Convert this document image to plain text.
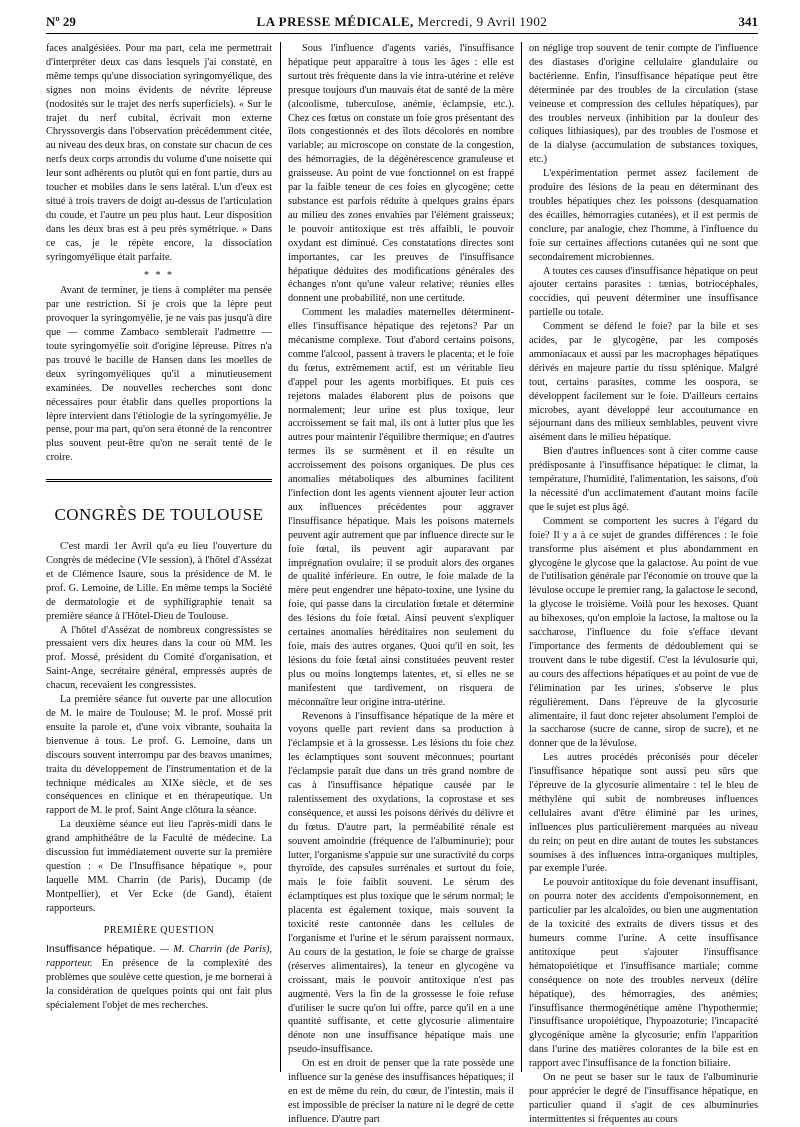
Nº 29	LA PRESSE MÉDICALE, Mercredi, 9 Avril 1902	341

faces analgésiées. Pour ma part, cela me permettrait d'interpréter deux cas dans lesquels j'ai constaté, en même temps qu'une dissociation syringomyélique, des signes non moins évidents de névrite lépreuse (nodosités sur le trajet des nerfs superficiels). « Sur le trajet du nerf cubital, écrivait mon externe Chryssovergis dans l'observation précédemment citée, au niveau des deux bras, on constate sur chacun de ces nerfs deux corps arrondis du volume d'une noisette qui leur sont adhérents ou plutôt qui en font partie, durs au toucher et mobiles dans le sens latéral. L'un d'eux est situé à trois travers de doigt au-dessus de l'articulation du coude, et l'autre un peu plus haut. Leur disposition dans les deux bras est à peu près symétrique. » Dans ce cas, je le répète encore, la dissociation syringomyélique était parfaite.

* * *

Avant de terminer, je tiens à compléter ma pensée par une restriction. Si je crois que la lèpre peut provoquer la syringomyélie, je ne vais pas jusqu'à dire que — comme Zambaco semblerait l'admettre — toute syringomyélie soit d'origine lépreuse. Pitres n'a pas trouvé le bacille de Hansen dans les moelles de deux syringomyéliques qu'il a minutieusement examinées. De nouvelles recherches sont donc nécessaires pour établir dans quelles proportions la lèpre intervient dans l'étiologie de la syringomyélie. Je pense, pour ma part, qu'on sera étonné de la rencontrer plus souvent peut-être qu'on ne serait tenté de le croire.

CONGRÈS DE TOULOUSE

C'est mardi 1er Avril qu'a eu lieu l'ouverture du Congrès de médecine (VIe session), à l'hôtel d'Assézat et de Clémence Isaure, sous la présidence de M. le prof. G. Lemoine, de Lille. En même temps la Société de dermatologie et de syphiligraphie tenait sa première séance à l'Hôtel-Dieu de Toulouse.

A l'hôtel d'Assézat de nombreux congressistes se pressaient vers dix heures dans la cour où MM. les prof. Mossé, président du Comité d'organisation, et Saint-Ange, secrétaire général, empressés auprès de chacun, recevaient les congressistes.

La première séance fut ouverte par une allocution de M. le maire de Toulouse; M. le prof. Mossé prit ensuite la parole et, d'une voix vibrante, souhaita la bienvenue à tous. Le prof. G. Lemoine, dans un discours souvent interrompu par des bravos unanimes, traita du développement de l'instrumentation et de la technique médicales au XIXe siècle, et de ses conséquences en clinique et en thérapeutique. Un rapport de M. le prof. Saint Ange clôtura la séance.

La deuxième séance eut lieu l'après-midi dans le grand amphithéâtre de la Faculté de médecine. La discussion fut immédiatement ouverte sur la première question : « De l'Insuffisance hépatique », pour laquelle MM. Charrin (de Paris), Ducamp (de Montpellier), et Ver Ecke (de Gand), étaient rapporteurs.

PREMIÈRE QUESTION

Insuffisance hépatique. — M. Charrin (de Paris), rapporteur. En présence de la complexité des problèmes que soulève cette question, je me bornerai à la considération de quelques points qui ont fait plus spécialement l'objet de mes recherches.

Sous l'influence d'agents variés, l'insuffisance hépatique peut apparaître à tous les âges : elle est surtout très fréquente dans la vie intra-utérine et relève presque toujours d'un mauvais état de santé de la mère (alcoolisme, tuberculose, anémie, éclampsie, etc.). Chez ces fœtus on constate un foie gros présentant des îlots congestionnés et des îlots décolorés en nombre variable; au microscope on constate de la congestion, des hémorragies, de la dégénérescence granuleuse et graisseuse. Au point de vue fonctionnel on est frappé par la faible teneur de ces foies en glycogène; cette substance est parfois réduite à quelques grains épars au milieu des zones envahies par l'élément graisseux; le pouvoir antitoxique est très affaibli, le pouvoir oxydant est diminué. Ces constatations directes sont importantes, car les preuves de l'insuffisance hépatique déduites des modifications générales des échanges n'ont qu'une valeur relative; réunies elles donnent une probabilité, non une certitude.

Comment les maladies maternelles déterminent-elles l'insuffisance hépatique des rejetons? Par un mécanisme complexe. Tout d'abord certains poisons, comme l'alcool, passent à travers le placenta; et le foie du fœtus, extrêmement actif, est un véritable lieu d'appel pour les agents morbifiques. Et puis ces rejetons malades élaborent plus de poisons que normalement; leur urine est plus toxique, leur accroissement se fait mal, ils ont à lutter plus que les autres pour maintenir l'équilibre thermique; en d'autres termes ils se surmènent et il en résulte un accroissement des poisons organiques. De plus ces anomalies métaboliques des albumines facilitent l'infection dont les agents viennent ajouter leur action aux influences précédentes pour aggraver l'insuffisance hépatique. Mais les poisons maternels peuvent agir autrement que par influence directe sur le foie fœtal, ils peuvent agir auparavant par imprégnation ovulaire; il se produit alors des organes de qualité inférieure. En outre, le foie malade de la mère peut engendrer une hépato-toxine, une lysine du foie, qui passe dans la circulation fœtale et détermine des lésions du foie fœtal. Ainsi peuvent s'expliquer certaines anomalies héréditaires non seulement du foie, mais des autres organes. Quoi qu'il en soit, les lésions du foie fœtal ainsi constituées peuvent rester plus ou moins longtemps latentes, et, si elles ne se manifestent que tardivement, on risquera de méconnaître leur origine intra-utérine.

Revenons à l'insuffisance hépatique de la mère et voyons quelle part revient dans sa production à l'éclampsie et à la grossesse. Les lésions du foie chez les éclamptiques sont souvent méconnues; pourtant l'éclampsie paraît due dans un très grand nombre de cas à l'insuffisance hépatique causée par le ralentissement des oxydations, la coprostase et ses conséquence, et aussi les poisons dérivés du délivre et du fœtus. D'autre part, la perméabilité rénale est souvent amoindrie (fréquence de l'albuminurie); pour lutter, l'organisme s'appuie sur une suractivité du corps thyroïde, des capsules surrénales et surtout du foie, mais le foie faiblit souvent. Le sérum des éclamptiques est plus toxique que le sérum normal; le placenta est également toxique, mais souvent la toxicité reste cantonnée dans les cellules de l'organisme et l'urine et le sérum paraissent normaux. Au cours de la gestation, le foie se charge de graisse (réserves alimentaires), la teneur en glycogène va croissant, mais le pouvoir antitoxique n'est pas augmenté. Vers la fin de la grossesse le foie refuse d'utiliser le sucre qu'on lui offre, parce qu'il en a une quantité suffisante, et cette glycosurie alimentaire dénote non une insuffisance hépatique mais une pseudo-insuffisance.

On est en droit de penser que la rate possède une influence sur la genèse des insuffisances hépatiques; il en est de même du rein, du cœur, de l'intestin, mais il est impossible de préciser la nature ni le degré de cette influence. D'autre part

on néglige trop souvent de tenir compte de l'influence des diastases d'origine cellulaire glandulaire ou bactérienne. Enfin, l'insuffisance hépatique peut être déterminée par des troubles de la circulation (stase veineuse et compression des cellules hépatiques), par des troubles nerveux (inhibition par la douleur des coliques lithiasiques), par des troubles de l'osmose et de la dialyse (accumulation de substances toxiques, etc.)

L'expérimentation permet assez facilement de produire des lésions de la peau en déterminant des troubles hépatiques chez les poissons (desquamation des écailles, hémorragies cutanées), et il est permis de conclure, par analogie, chez l'homme, à l'influence du foie sur certaines affections cutanées qui ne sont que secondairement microbiennes.

A toutes ces causes d'insuffisance hépatique on peut ajouter certains parasites : tænias, botriocéphales, coccidies, qui peuvent déterminer une insuffisance partielle ou totale.

Comment se défend le foie? par la bile et ses acides, par le glycogène, par les composés ammoniacaux et aussi par les macrophages hépatiques dérivés en majeure partie du tissu splénique. Malgré tout, certains parasites, comme les oospora, se développent facilement sur le foie. D'ailleurs certains microbes, ayant développé leur accoutumance en séjournant dans des milieux semblables, peuvent vivre aisément dans le milieu hépatique.

Bien d'autres influences sont à citer comme cause prédisposante à l'insuffisance hépatique: le climat, la température, l'humidité, l'alimentation, les saisons, d'où la nécessité d'un acclimatement d'autant moins facile que le sujet est plus âgé.

Comment se comportent les sucres à l'égard du foie? Il y a à ce sujet de grandes différences : le foie transforme plus aisément et plus abondamment en glycogène le glycose que la galactose. Au point de vue de l'utilisation générale par l'économie on trouve que la lévulose occupe le premier rang, la galactose le second, la glycose le troisième. Voilà pour les hexoses. Quant au bihexoses, qu'on emploie la lactose, la maltose ou la saccharose, l'influence du foie s'efface devant l'importance des ferments de dédoublement qui se trouvent dans le tube digestif. C'est la lévulosurie qui, au cours des affections hépatiques et au point de vue de l'élimination par les urines, s'observe le plus régulièrement. Dans l'épreuve de la glycosurie alimentaire, il faut donc rejeter absolument l'emploi de la saccharose (sucre de canne, sirop de sucre), et ne donner que de la lévulose.

Les autres procédés préconisés pour déceler l'insuffisance hépatique sont aussi peu sûrs que l'épreuve de la glycosurie alimentaire : tel le bleu de méthylène qui subit de nombreuses influences cellulaires avant d'être éliminé par les urines, influences plus particulièrement marquées au niveau du rein; on peut en dire autant de toutes les substances soumises à des influences intra-organiques multiples, par exemple l'urée.

Le pouvoir antitoxique du foie devenant insuffisant, on pourra noter des accidents d'empoisonnement, en particulier par les alcaloïdes, ou bien une augmentation de la toxicité des extraits de divers tissus et des humeurs comme l'urine. A cette insuffisance antitoxique peut s'ajouter l'insuffisance hématopoiétique et l'insuffisance martiale; comme conséquence on note des troubles nerveux (délire hépatique), des hémorragies, des anémies; l'insuffisance thermogénétique amène l'hypothermie; l'insuffisance uropoiétique, l'hypoazoturie; l'incapacité glycogénique amène la glycosurie; enfin l'apparition dans l'urine des matières colorantes de la bile est en rapport avec l'insuffisance de la fonction biliaire.

On ne peut se baser sur le taux de l'albuminurie pour apprécier le degré de l'insuffisance hépatique, en particulier quand il s'agit de ces albuminuries intermittentes si fréquentes au cours
